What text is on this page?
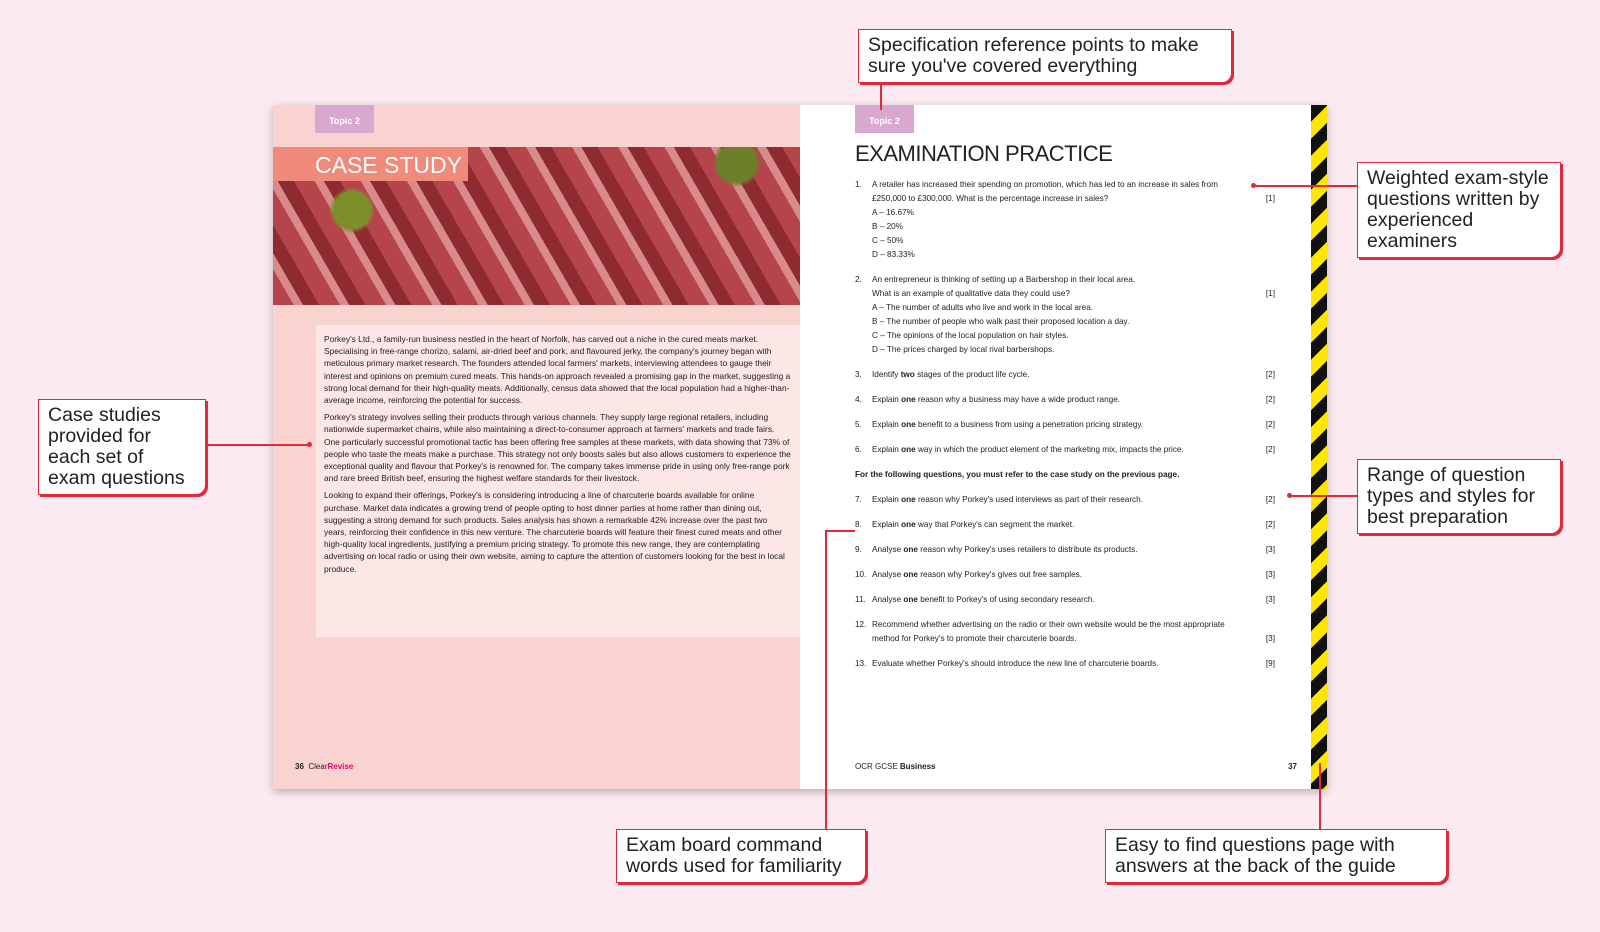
Topic 2
CASE STUDY

Porkey's Ltd., a family-run business nestled in the heart of Norfolk, has carved out a niche in the cured meats market. Specialising in free-range chorizo, salami, air-dried beef and pork, and flavoured jerky, the company's journey began with meticulous primary market research. The founders attended local farmers' markets, interviewing attendees to gauge their interest and opinions on premium cured meats. This hands-on approach revealed a promising gap in the market, suggesting a strong local demand for their high-quality meats. Additionally, census data showed that the local population had a higher-than-average income, reinforcing the potential for success.

Porkey's strategy involves selling their products through various channels. They supply large regional retailers, including nationwide supermarket chains, while also maintaining a direct-to-consumer approach at farmers' markets and trade fairs. One particularly successful promotional tactic has been offering free samples at these markets, with data showing that 73% of people who taste the meats make a purchase. This strategy not only boosts sales but also allows customers to experience the exceptional quality and flavour that Porkey's is renowned for. The company takes immense pride in using only free-range pork and rare breed British beef, ensuring the highest welfare standards for their livestock.

Looking to expand their offerings, Porkey's is considering introducing a line of charcuterie boards available for online purchase. Market data indicates a growing trend of people opting to host dinner parties at home rather than dining out, suggesting a strong demand for such products. Sales analysis has shown a remarkable 42% increase over the past two years, reinforcing their confidence in this new venture. The charcuterie boards will feature their finest cured meats and other high-quality local ingredients, justifying a premium pricing strategy. To promote this new range, they are contemplating advertising on local radio or using their own website, aiming to capture the attention of customers looking for the best in local produce.

36 ClearRevise
Topic 2
EXAMINATION PRACTICE
1. A retailer has increased their spending on promotion, which has led to an increase in sales from £250,000 to £300,000. What is the percentage increase in sales?	[1]
A – 16.67%
B – 20%
C – 50%
D – 83.33%
2. An entrepreneur is thinking of setting up a Barbershop in their local area.
What is an example of qualitative data they could use?	[1]
A – The number of adults who live and work in the local area.
B – The number of people who walk past their proposed location a day.
C – The opinions of the local population on hair styles.
D – The prices charged by local rival barbershops.
3. Identify two stages of the product life cycle.	[2]
4. Explain one reason why a business may have a wide product range.	[2]
5. Explain one benefit to a business from using a penetration pricing strategy.	[2]
6. Explain one way in which the product element of the marketing mix, impacts the price.	[2]
For the following questions, you must refer to the case study on the previous page.
7. Explain one reason why Porkey's used interviews as part of their research.	[2]
8. Explain one way that Porkey's can segment the market.	[2]
9. Analyse one reason why Porkey's uses retailers to distribute its products.	[3]
10. Analyse one reason why Porkey's gives out free samples.	[3]
11. Analyse one benefit to Porkey's of using secondary research.	[3]
12. Recommend whether advertising on the radio or their own website would be the most appropriate method for Porkey's to promote their charcuterie boards.	[3]
13. Evaluate whether Porkey's should introduce the new line of charcuterie boards.	[9]
OCR GCSE Business	37
Specification reference points to make sure you've covered everything
Case studies provided for each set of exam questions
Weighted exam-style questions written by experienced examiners
Range of question types and styles for best preparation
Exam board command words used for familiarity
Easy to find questions page with answers at the back of the guide
